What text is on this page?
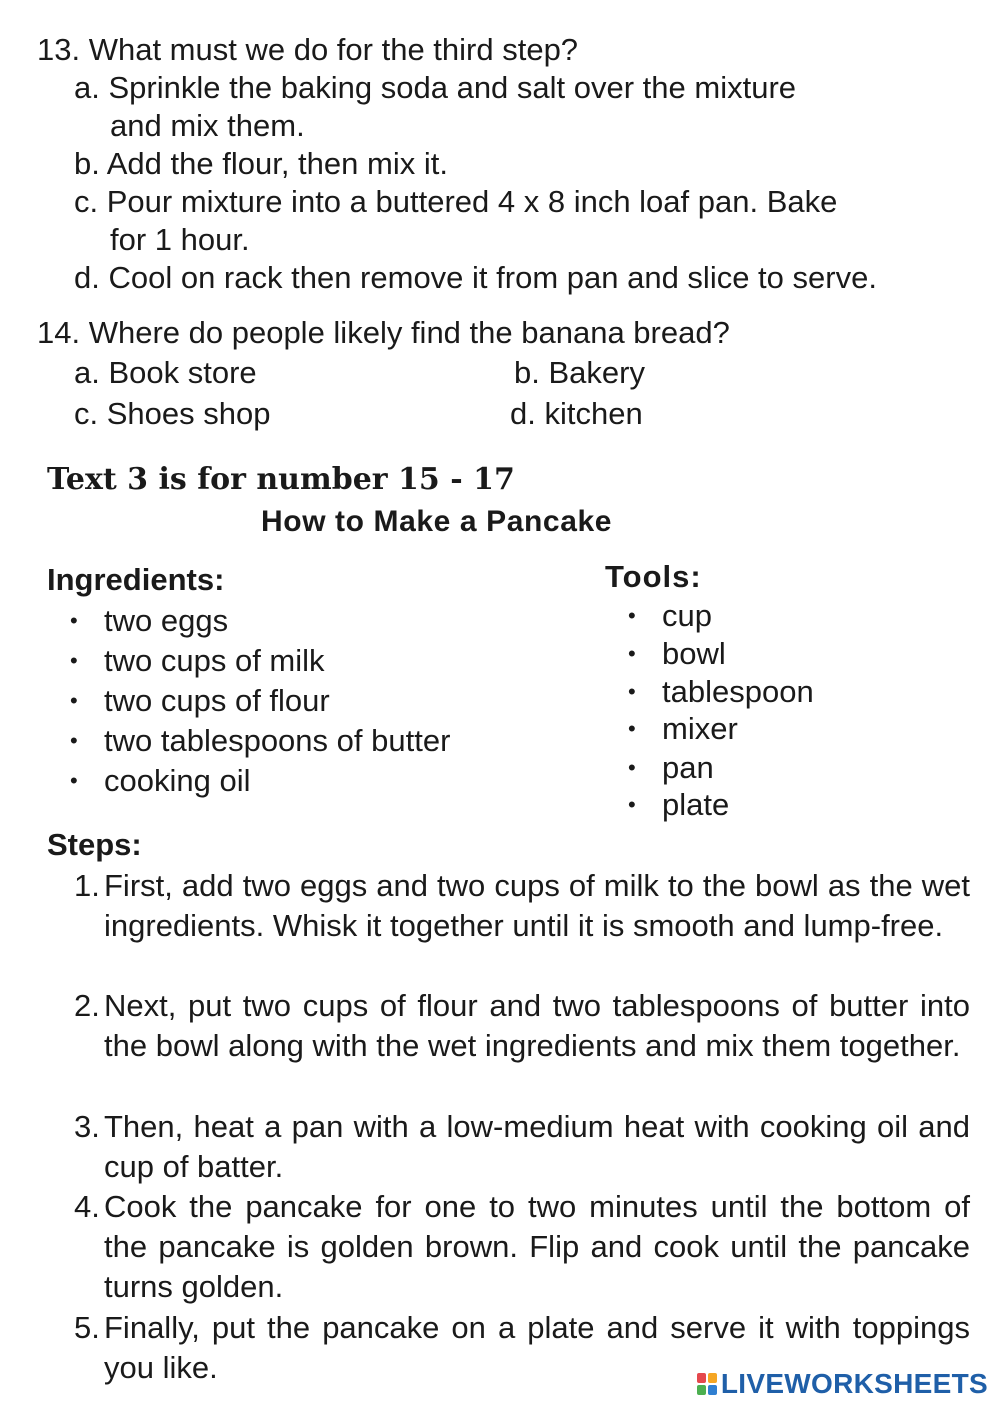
13. What must we do for the third step?
a. Sprinkle the baking soda and salt over the mixture
and mix them.
b. Add the flour, then mix it.
c. Pour mixture into a buttered 4 x 8 inch loaf pan. Bake
for 1 hour.
d. Cool on rack then remove it from pan and slice to serve.
14. Where do people likely find the banana bread?
a. Book store	b. Bakery
c. Shoes shop	d. kitchen
Text 3 is for number 15 - 17
How to Make a Pancake
Ingredients:
• two eggs
• two cups of milk
• two cups of flour
• two tablespoons of butter
• cooking oil
Tools:
• cup
• bowl
• tablespoon
• mixer
• pan
• plate
Steps:
1. First, add two eggs and two cups of milk to the bowl as the wet ingredients. Whisk it together until it is smooth and lump-free.
2. Next, put two cups of flour and two tablespoons of butter into the bowl along with the wet ingredients and mix them together.
3. Then, heat a pan with a low-medium heat with cooking oil and cup of batter.
4. Cook the pancake for one to two minutes until the bottom of the pancake is golden brown. Flip and cook until the pancake turns golden.
5. Finally, put the pancake on a plate and serve it with toppings you like.	LIVEWORKSHEETS
